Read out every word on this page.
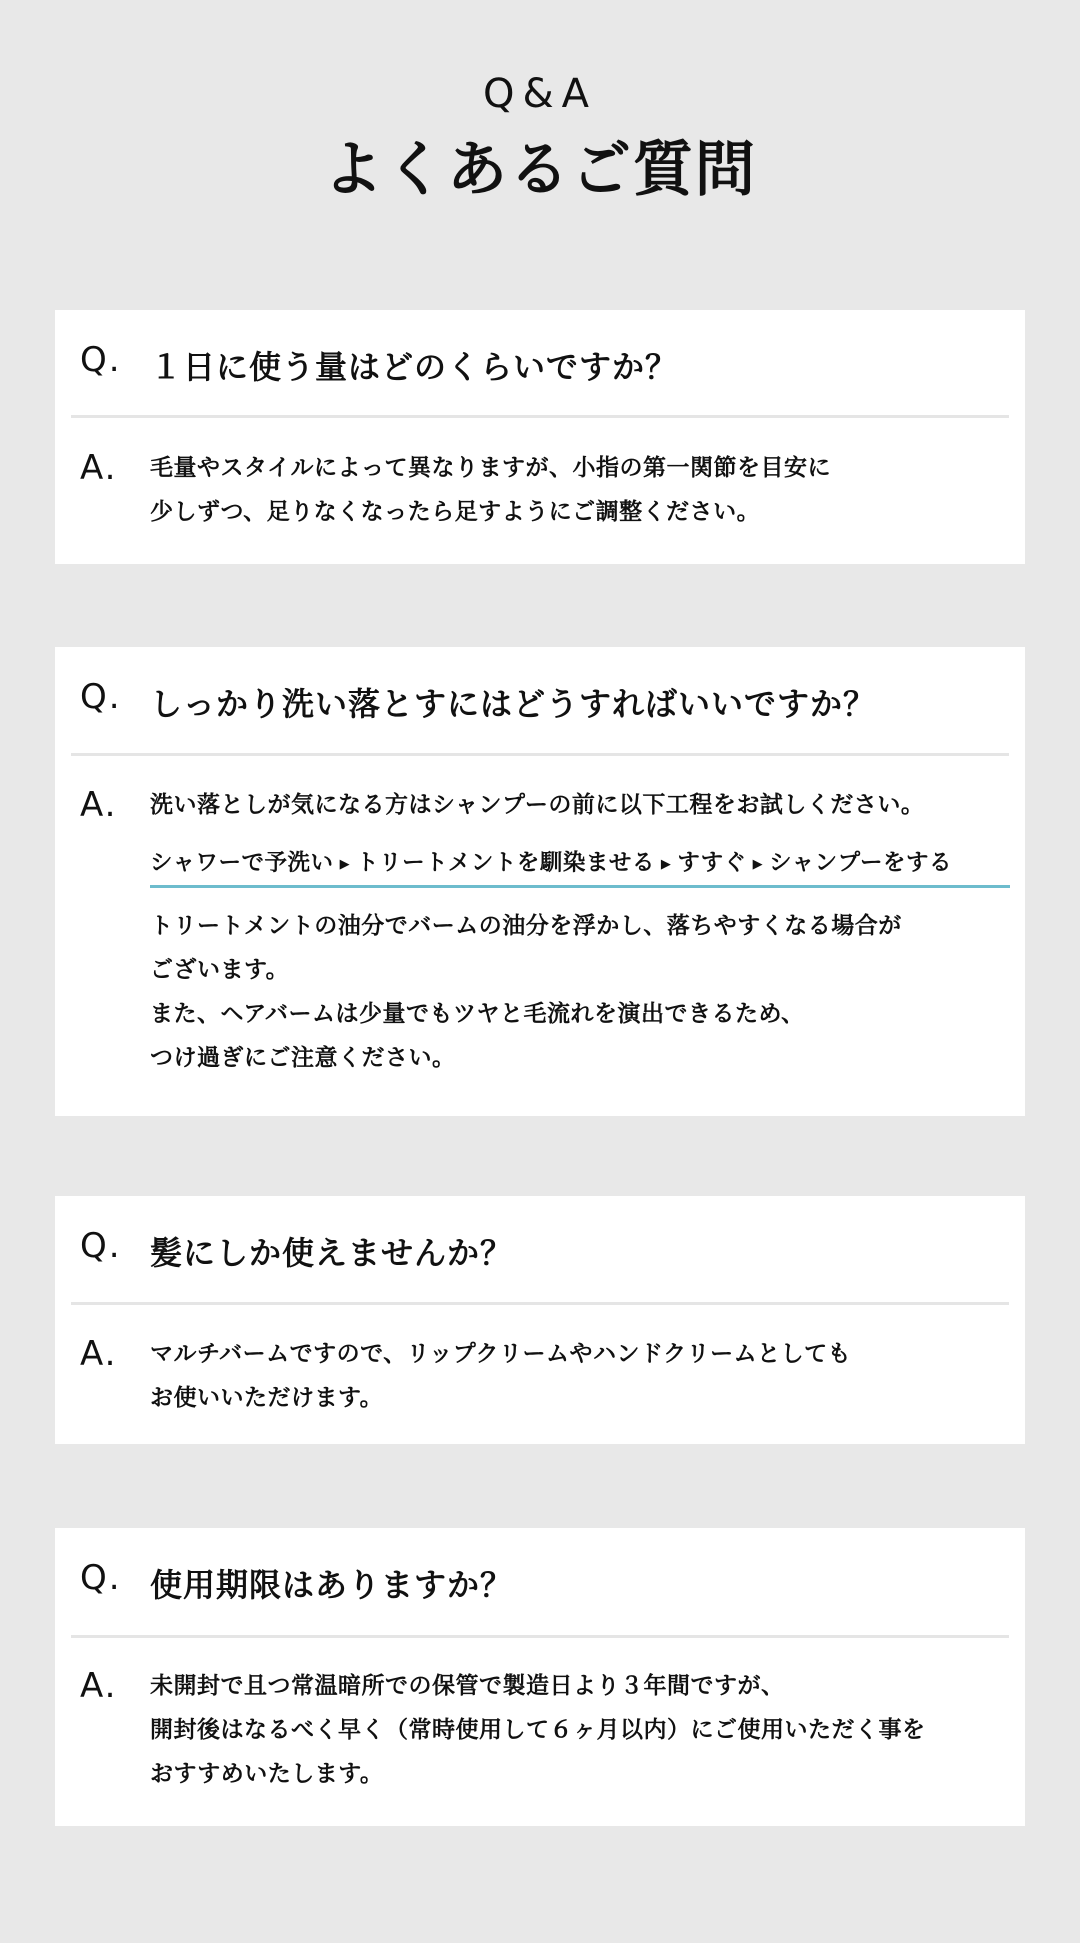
Q&A

よくあるご質問

Q. １日に使う量はどのくらいですか？
A. 毛量やスタイルによって異なりますが、小指の第一関節を目安に

少しずつ、足りなくなったら足すようにご調整ください。

Q. しっかり洗い落とすにはどうすればいいですか？
A. 洗い落としが気になる方はシャンプーの前に以下工程をお試しください。

シャワーで予洗い ▶ トリートメントを馴染ませる ▶ すすぐ ▶ シャンプーをする

トリートメントの油分でバームの油分を浮かし、落ちやすくなる場合が

ございます。

また、ヘアバームは少量でもツヤと毛流れを演出できるため、

つけ過ぎにご注意ください。

Q. 髪にしか使えませんか？
A. マルチバームですので、リップクリームやハンドクリームとしても

お使いいただけます。

Q. 使用期限はありますか？
A. 未開封で且つ常温暗所での保管で製造日より３年間ですが、

開封後はなるべく早く（常時使用して６ヶ月以内）にご使用いただく事を

おすすめいたします。
